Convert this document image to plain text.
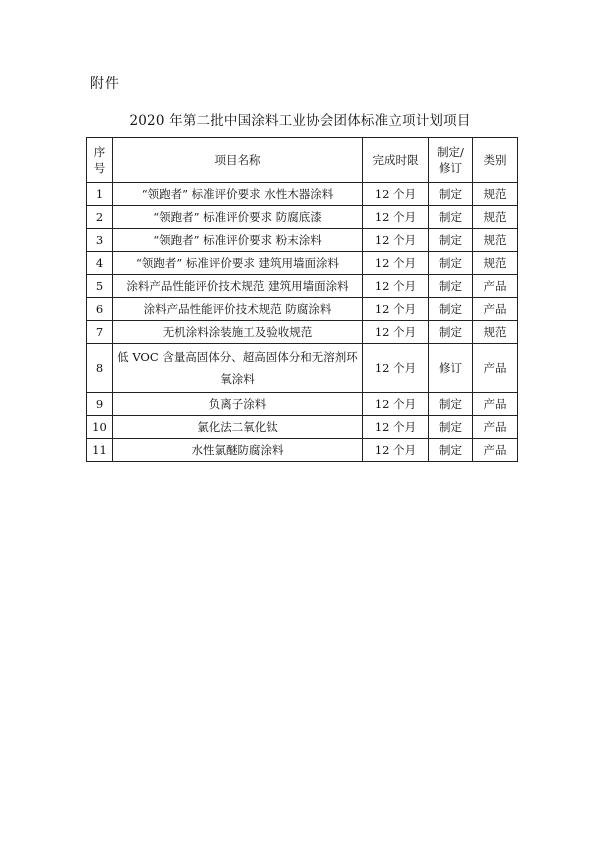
附件
2020 年第二批中国涂料工业协会团体标准立项计划项目
序号	项目名称	完成时限	制定/修订	类别
1	“领跑者” 标准评价要求 水性木器涂料	12 个月	制定	规范
2	“领跑者” 标准评价要求 防腐底漆	12 个月	制定	规范
3	“领跑者” 标准评价要求 粉末涂料	12 个月	制定	规范
4	“领跑者” 标准评价要求 建筑用墙面涂料	12 个月	制定	规范
5	涂料产品性能评价技术规范 建筑用墙面涂料	12 个月	制定	产品
6	涂料产品性能评价技术规范 防腐涂料	12 个月	制定	产品
7	无机涂料涂装施工及验收规范	12 个月	制定	规范
8	低 VOC 含量高固体分、超高固体分和无溶剂环氧涂料	12 个月	修订	产品
9	负离子涂料	12 个月	制定	产品
10	氯化法二氧化钛	12 个月	制定	产品
11	水性氯醚防腐涂料	12 个月	制定	产品
